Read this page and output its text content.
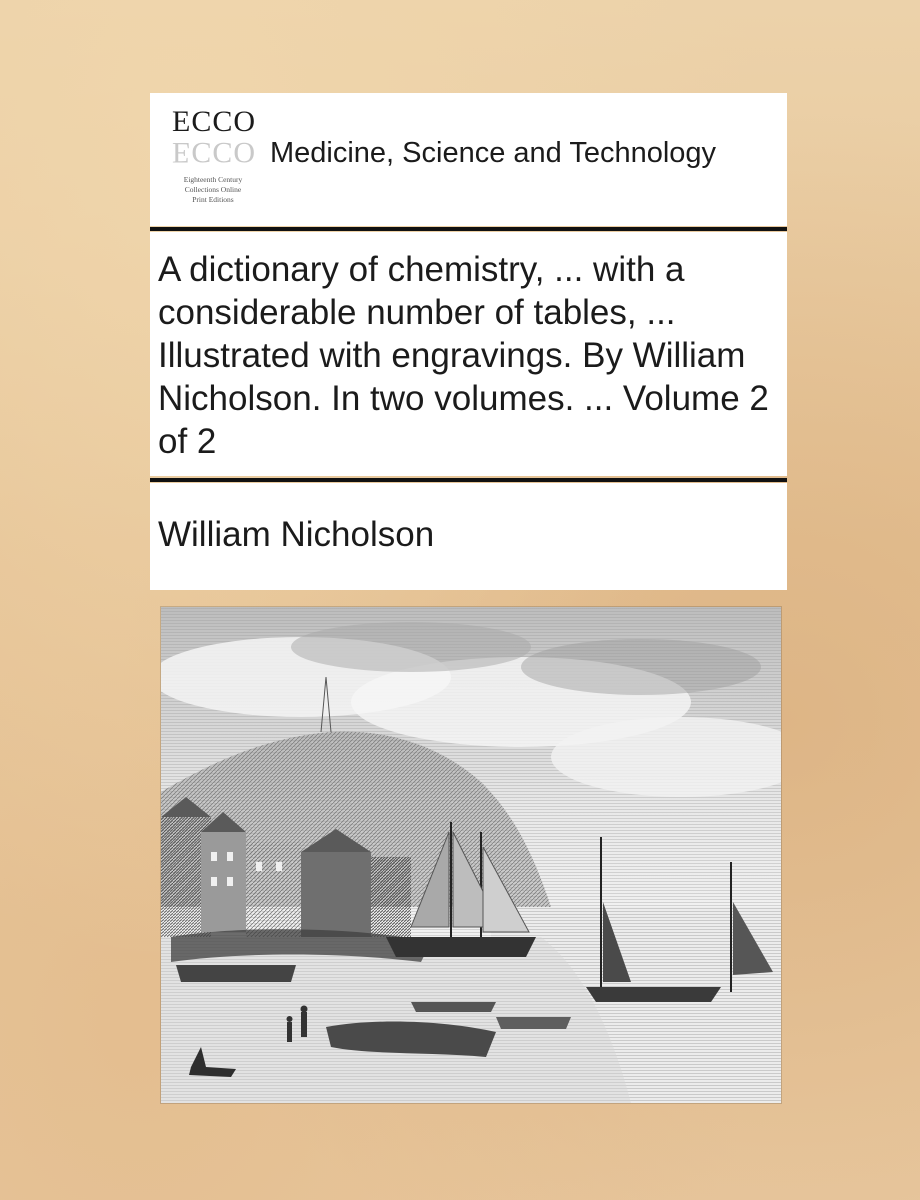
ECCO
ECCO
Eighteenth Century
Collections Online
Print Editions
Medicine, Science and Technology
A dictionary of chemistry, ... with a considerable number of tables, ... Illustrated with engravings. By William Nicholson. In two volumes. ... Volume 2 of 2
William Nicholson
